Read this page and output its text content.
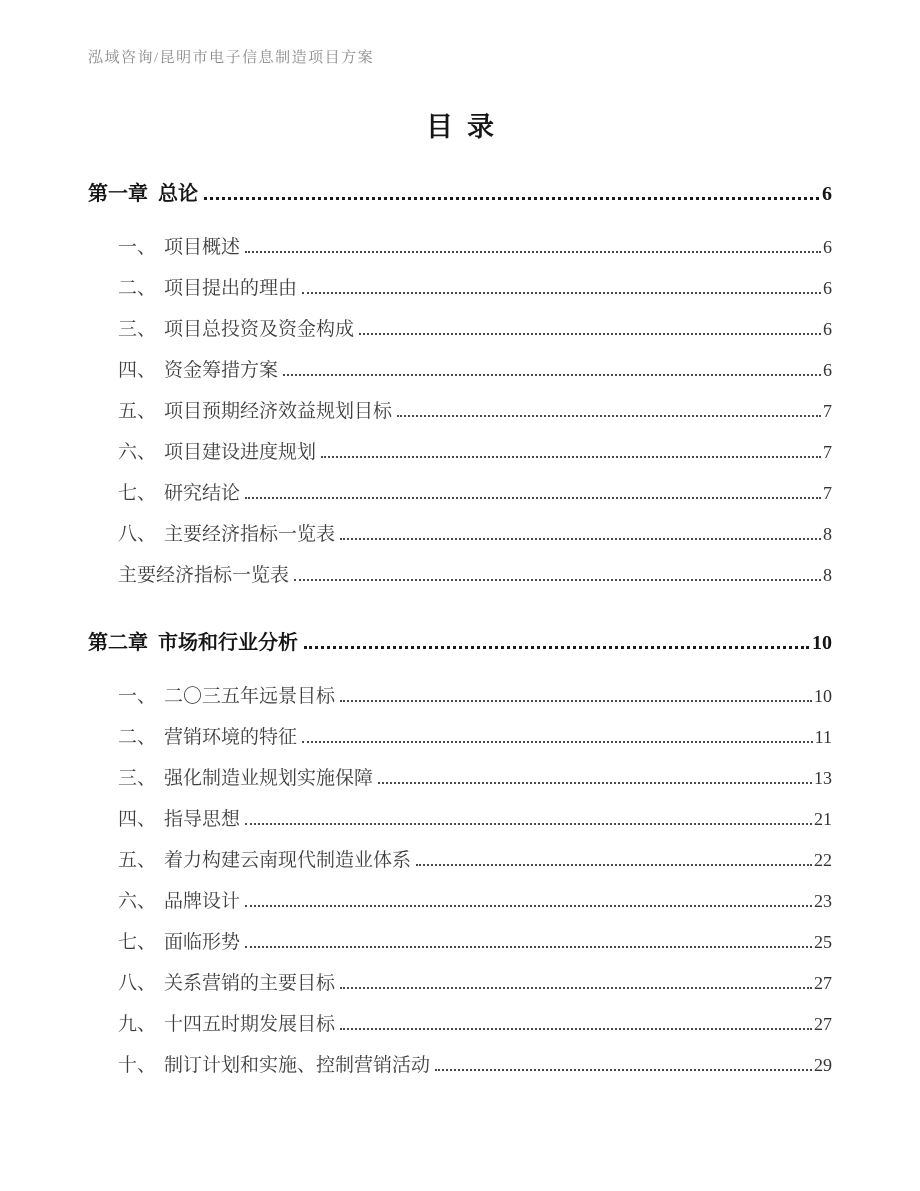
泓域咨询/昆明市电子信息制造项目方案
目录
第一章 总论	6
一、 项目概述	6
二、 项目提出的理由	6
三、 项目总投资及资金构成	6
四、 资金筹措方案	6
五、 项目预期经济效益规划目标	7
六、 项目建设进度规划	7
七、 研究结论	7
八、 主要经济指标一览表	8
主要经济指标一览表	8
第二章 市场和行业分析	10
一、 二〇三五年远景目标	10
二、 营销环境的特征	11
三、 强化制造业规划实施保障	13
四、 指导思想	21
五、 着力构建云南现代制造业体系	22
六、 品牌设计	23
七、 面临形势	25
八、 关系营销的主要目标	27
九、 十四五时期发展目标	27
十、 制订计划和实施、控制营销活动	29
